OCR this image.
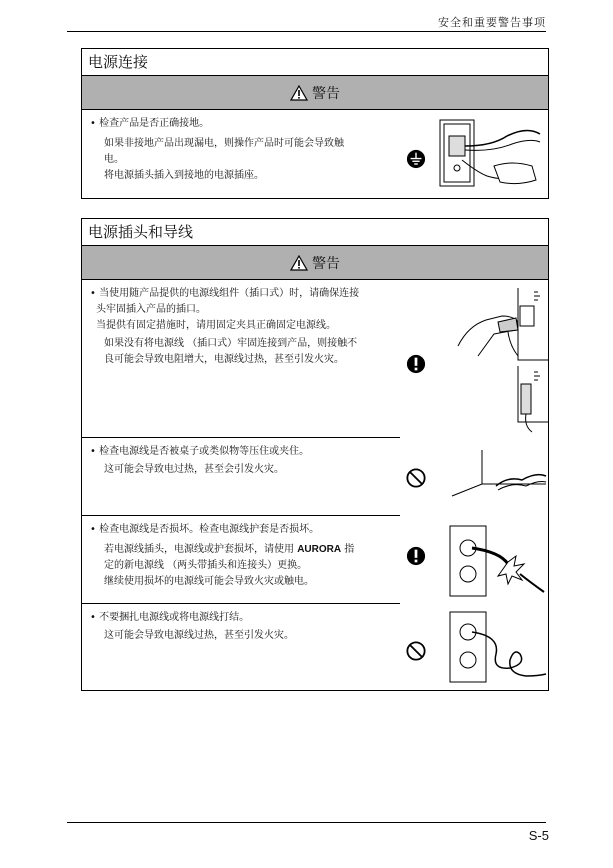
安全和重要警告事项
电源连接
警告
• 检查产品是否正确接地。
如果非接地产品出现漏电，则操作产品时可能会导致触
电。
将电源插头插入到接地的电源插座。
电源插头和导线
警告
• 当使用随产品提供的电源线组件（插口式）时，请确保连接
头牢固插入产品的插口。
当提供有固定措施时，请用固定夹具正确固定电源线。
如果没有将电源线 （插口式）牢固连接到产品，则接触不
良可能会导致电阻增大，电源线过热，甚至引发火灾。
• 检查电源线是否被桌子或类似物等压住或夹住。
这可能会导致电过热，甚至会引发火灾。
• 检查电源线是否损坏。检查电源线护套是否损坏。
若电源线插头，电源线或护套损坏，请使用 AURORA 指
定的新电源线 （两头带插头和连接头）更换。
继续使用损坏的电源线可能会导致火灾或触电。
• 不要捆扎电源线或将电源线打结。
这可能会导致电源线过热，甚至引发火灾。
S-5
